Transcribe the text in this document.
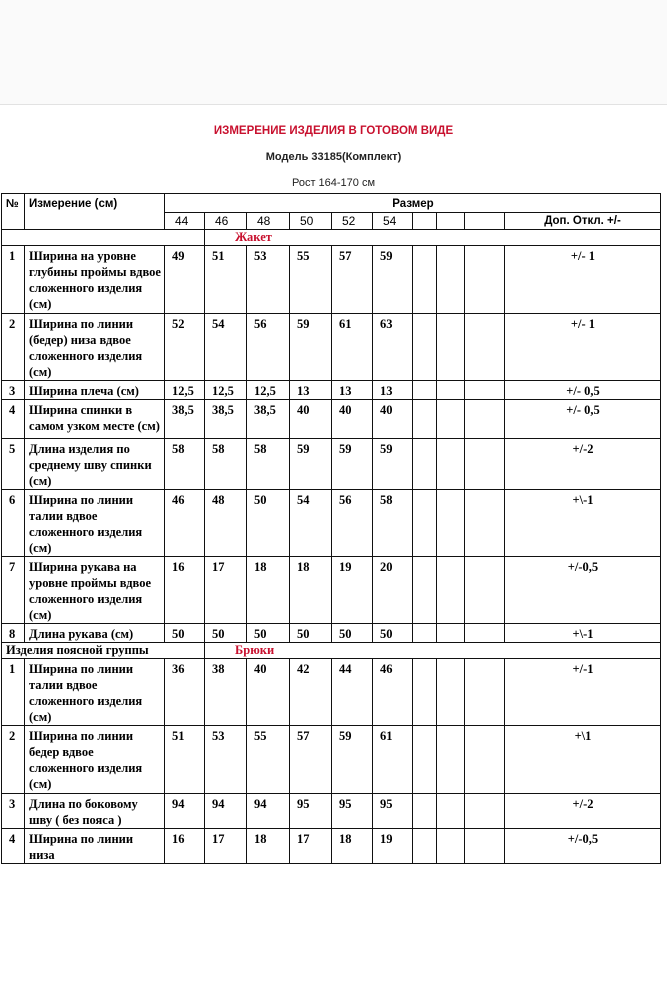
ИЗМЕРЕНИЕ ИЗДЕЛИЯ В ГОТОВОМ ВИДЕ
Модель 33185(Комплект)
Рост 164-170 см
№	Измерение (см)	Размер									
		44	46	48	50	52	54				Доп. Откл. +/-
			Жакет								
1	Ширина на уровне глубины проймы вдвое сложенного изделия (см)	49	51	53	55	57	59				+/- 1
2	Ширина по линии (бедер) низа вдвое сложенного изделия (см)	52	54	56	59	61	63				+/- 1
3	Ширина плеча (см)	12,5	12,5	12,5	13	13	13				+/- 0,5
4	Ширина спинки в самом узком месте (см)	38,5	38,5	38,5	40	40	40				+/- 0,5
5	Длина изделия по среднему шву спинки (см)	58	58	58	59	59	59				+/-2
6	Ширина по линии талии вдвое сложенного изделия (см)	46	48	50	54	56	58				+\-1
7	Ширина рукава на уровне проймы вдвое сложенного изделия (см)	16	17	18	18	19	20				+/-0,5
8	Длина рукава (см)	50	50	50	50	50	50				+\-1
Изделия поясной группы			Брюки								
1	Ширина по линии талии вдвое сложенного изделия (см)	36	38	40	42	44	46				+/-1
2	Ширина по линии бедер вдвое сложенного изделия (см)	51	53	55	57	59	61				+\1
3	Длина по боковому шву ( без пояса )	94	94	94	95	95	95				+/-2
4	Ширина по линии низа	16	17	18	17	18	19				+/-0,5
